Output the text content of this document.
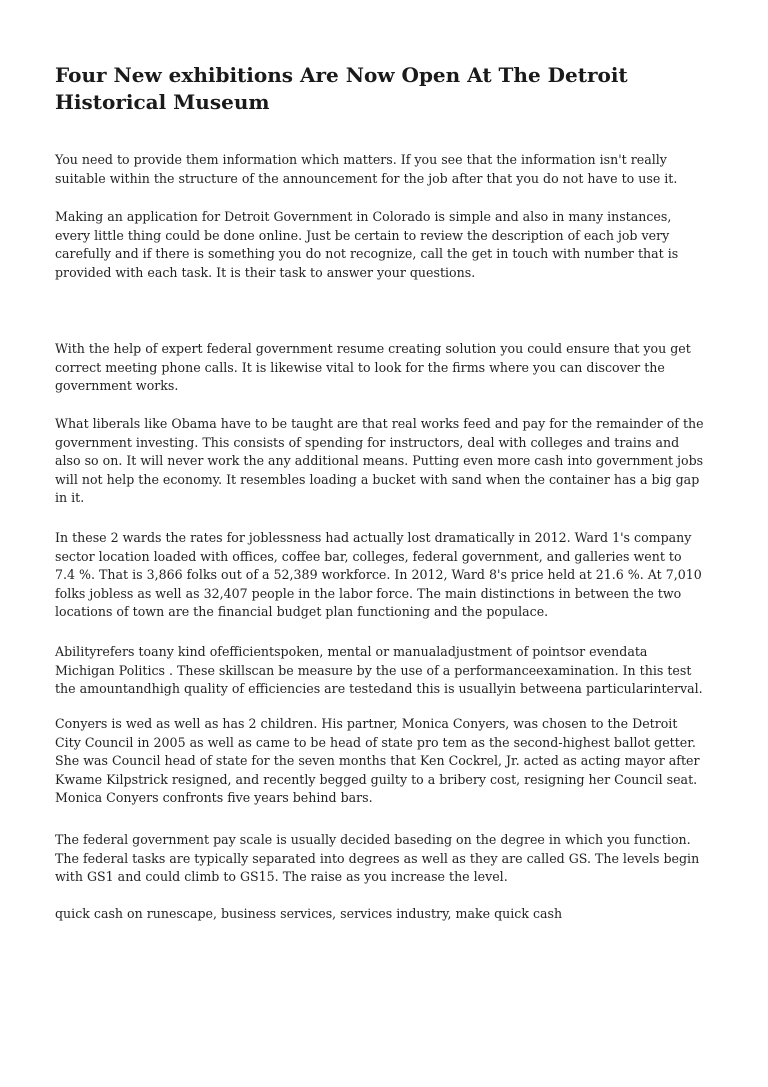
Four New exhibitions Are Now Open At The Detroit
Historical Museum

You need to provide them information which matters. If you see that the information isn't really
suitable within the structure of the announcement for the job after that you do not have to use it.

Making an application for Detroit Government in Colorado is simple and also in many instances,
every little thing could be done online. Just be certain to review the description of each job very
carefully and if there is something you do not recognize, call the get in touch with number that is
provided with each task. It is their task to answer your questions.

With the help of expert federal government resume creating solution you could ensure that you get
correct meeting phone calls. It is likewise vital to look for the firms where you can discover the
government works.

What liberals like Obama have to be taught are that real works feed and pay for the remainder of the
government investing. This consists of spending for instructors, deal with colleges and trains and
also so on. It will never work the any additional means. Putting even more cash into government jobs
will not help the economy. It resembles loading a bucket with sand when the container has a big gap
in it.

In these 2 wards the rates for joblessness had actually lost dramatically in 2012. Ward 1's company
sector location loaded with offices, coffee bar, colleges, federal government, and galleries went to
7.4 %. That is 3,866 folks out of a 52,389 workforce. In 2012, Ward 8's price held at 21.6 %. At 7,010
folks jobless as well as 32,407 people in the labor force. The main distinctions in between the two
locations of town are the financial budget plan functioning and the populace.

Abilityrefers toany kind ofefficientspoken, mental or manualadjustment of pointsor evendata
Michigan Politics . These skillscan be measure by the use of a performanceexamination. In this test
the amountandhigh quality of efficiencies are testedand this is usuallyin betweena particularinterval.

Conyers is wed as well as has 2 children. His partner, Monica Conyers, was chosen to the Detroit
City Council in 2005 as well as came to be head of state pro tem as the second-highest ballot getter.
She was Council head of state for the seven months that Ken Cockrel, Jr. acted as acting mayor after
Kwame Kilpstrick resigned, and recently begged guilty to a bribery cost, resigning her Council seat.
Monica Conyers confronts five years behind bars.

The federal government pay scale is usually decided baseding on the degree in which you function.
The federal tasks are typically separated into degrees as well as they are called GS. The levels begin
with GS1 and could climb to GS15. The raise as you increase the level.

quick cash on runescape, business services, services industry, make quick cash
